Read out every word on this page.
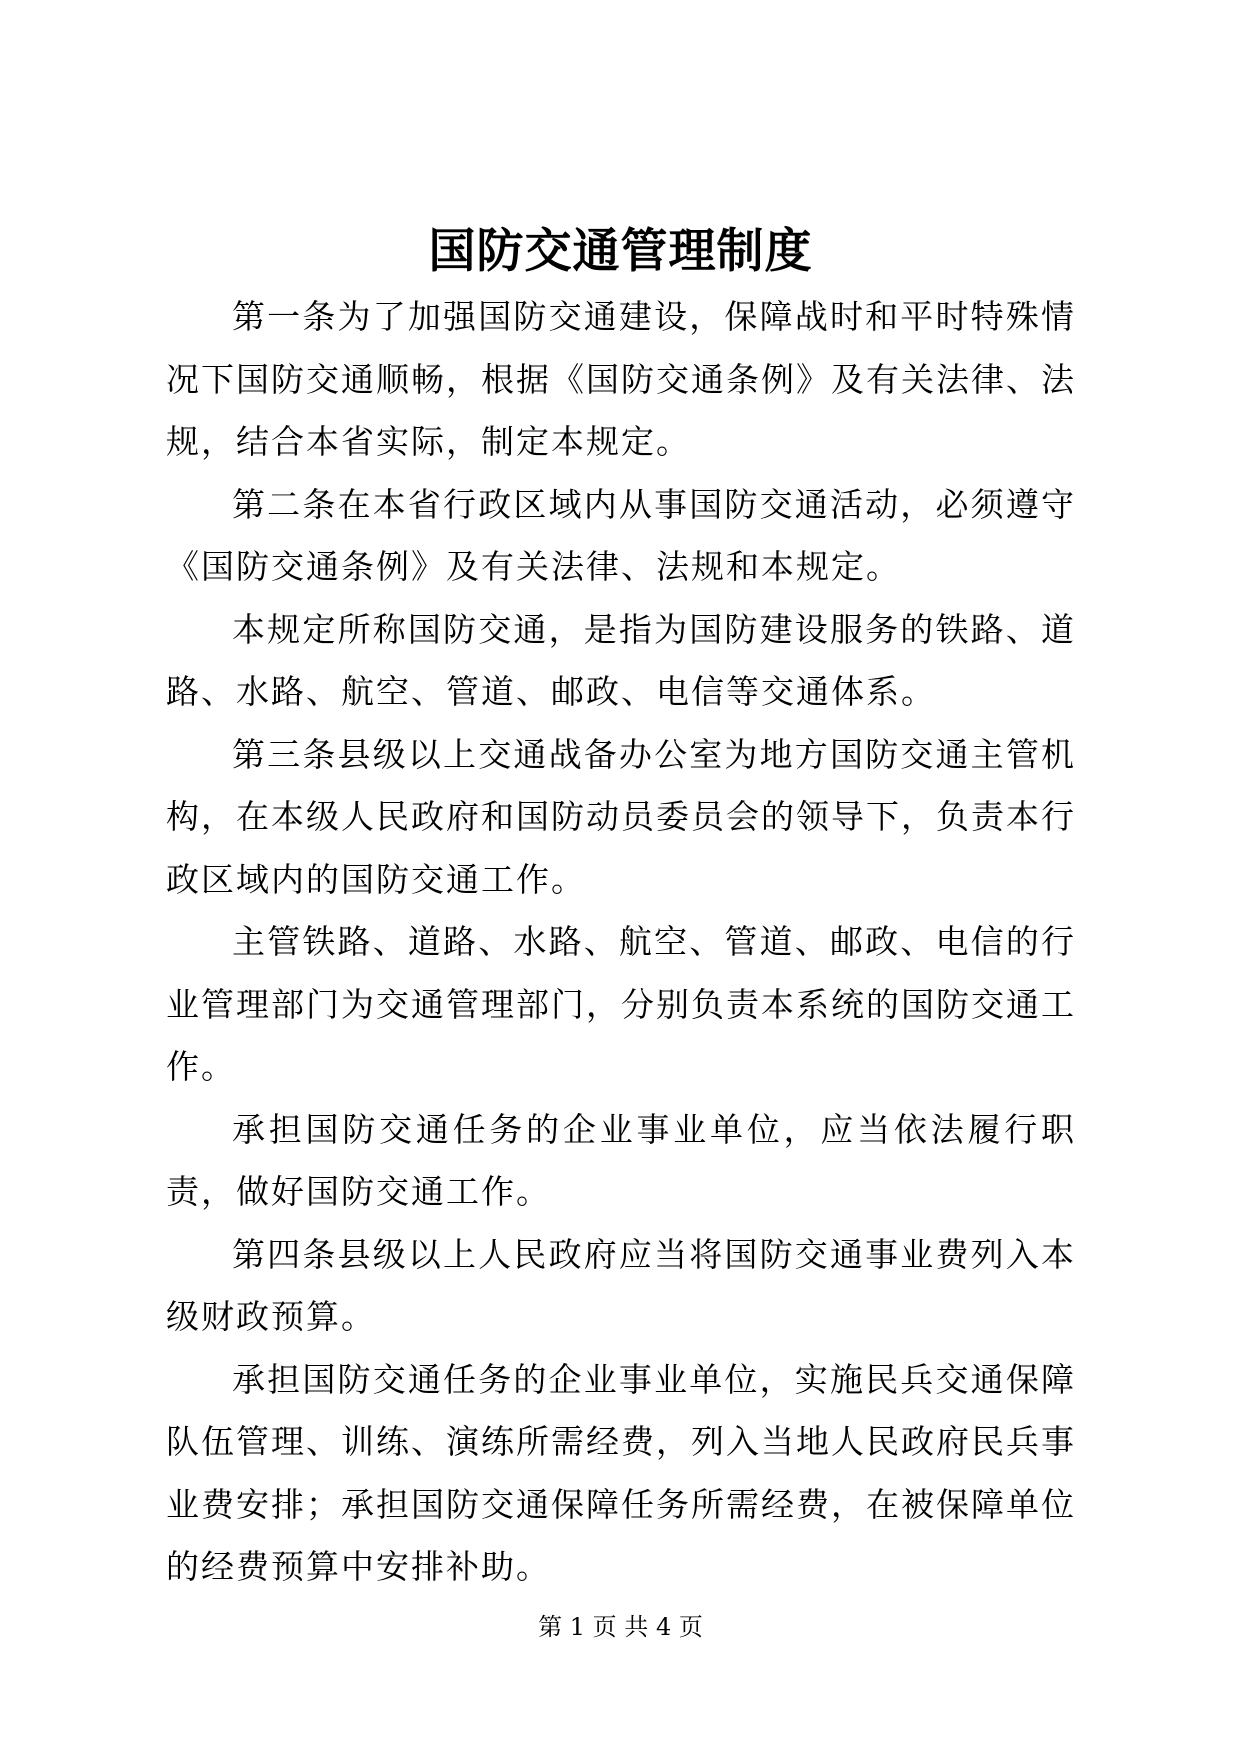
国防交通管理制度

第一条为了加强国防交通建设，保障战时和平时特殊情况下国防交通顺畅，根据《国防交通条例》及有关法律、法规，结合本省实际，制定本规定。

第二条在本省行政区域内从事国防交通活动，必须遵守《国防交通条例》及有关法律、法规和本规定。

本规定所称国防交通，是指为国防建设服务的铁路、道路、水路、航空、管道、邮政、电信等交通体系。

第三条县级以上交通战备办公室为地方国防交通主管机构，在本级人民政府和国防动员委员会的领导下，负责本行政区域内的国防交通工作。

主管铁路、道路、水路、航空、管道、邮政、电信的行业管理部门为交通管理部门，分别负责本系统的国防交通工作。

承担国防交通任务的企业事业单位，应当依法履行职责，做好国防交通工作。

第四条县级以上人民政府应当将国防交通事业费列入本级财政预算。

承担国防交通任务的企业事业单位，实施民兵交通保障队伍管理、训练、演练所需经费，列入当地人民政府民兵事业费安排；承担国防交通保障任务所需经费，在被保障单位的经费预算中安排补助。

第 1 页 共 4 页
